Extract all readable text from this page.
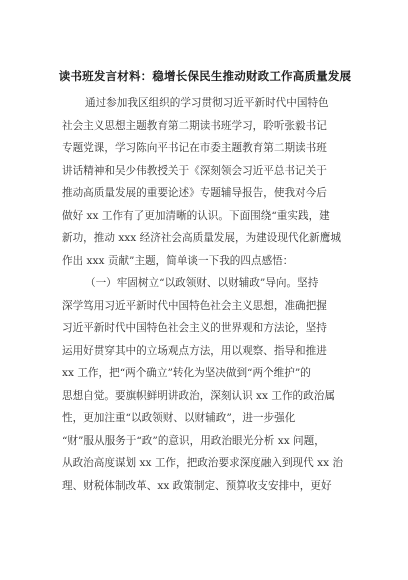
读书班发言材料：稳增长保民生推动财政工作高质量发展
通过参加我区组织的学习贯彻习近平新时代中国特色
社会主义思想主题教育第二期读书班学习，聆听张毅书记
专题党课，学习陈向平书记在市委主题教育第二期读书班
讲话精神和吴少伟教授关于《深刻领会习近平总书记关于
推动高质量发展的重要论述》专题辅导报告，使我对今后
做好 xx 工作有了更加清晰的认识。下面围绕“重实践，建
新功，推动 xxx 经济社会高质量发展，为建设现代化新鹰城
作出 xxx 贡献”主题，简单谈一下我的四点感悟：
（一）牢固树立“以政领财、以财辅政”导向。坚持
深学笃用习近平新时代中国特色社会主义思想，准确把握
习近平新时代中国特色社会主义的世界观和方法论，坚持
运用好贯穿其中的立场观点方法，用以观察、指导和推进
xx 工作，把“两个确立”转化为坚决做到“两个维护”的
思想自觉。要旗帜鲜明讲政治，深刻认识 xx 工作的政治属
性，更加注重“以政领财、以财辅政”，进一步强化
“财”服从服务于“政”的意识，用政治眼光分析 xx 问题，
从政治高度谋划 xx 工作，把政治要求深度融入到现代 xx 治
理、财税体制改革、xx 政策制定、预算收支安排中，更好
